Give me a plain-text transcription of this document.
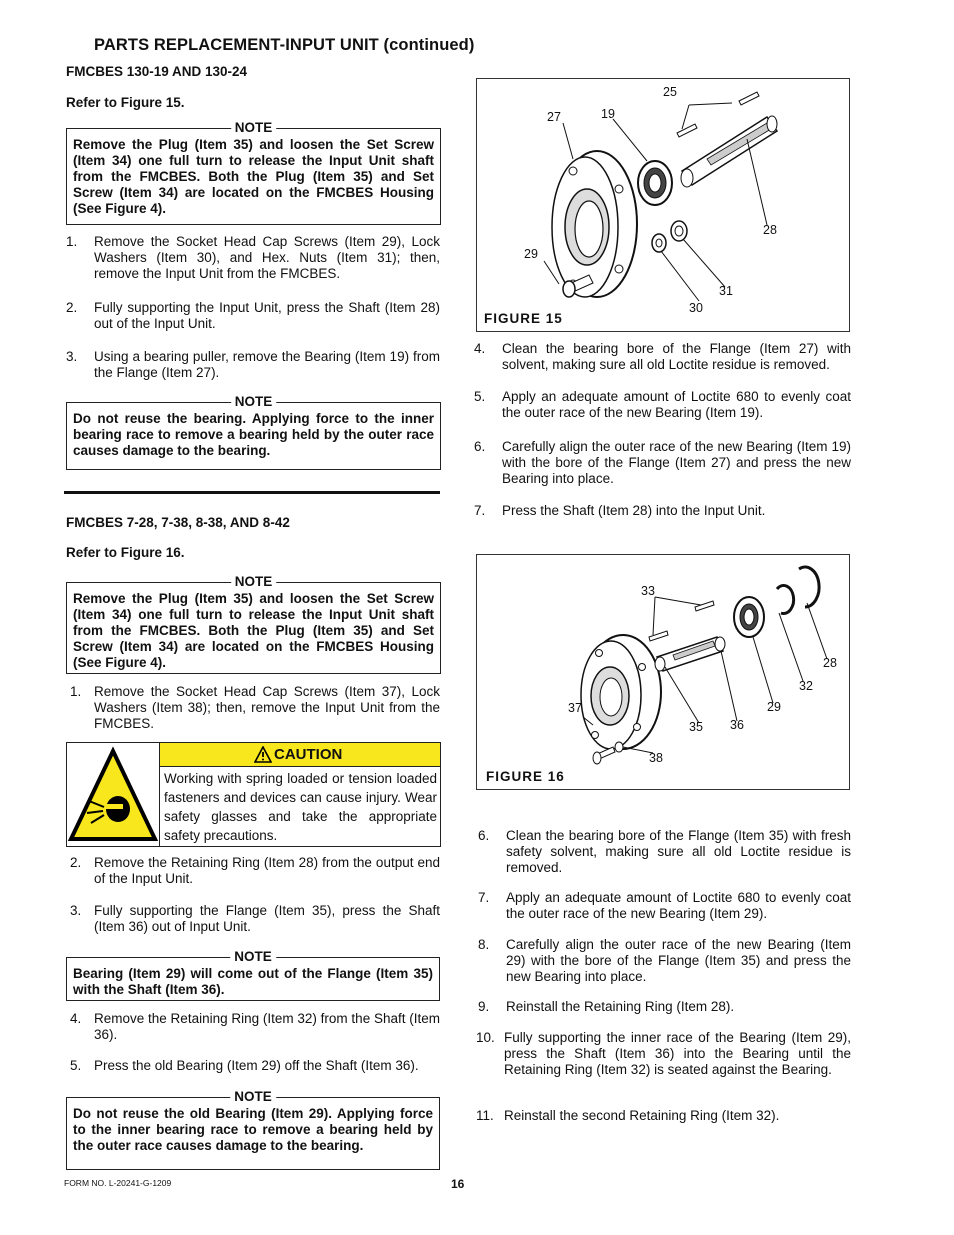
PARTS REPLACEMENT-INPUT UNIT (continued)
FMCBES 130-19 AND 130-24
Refer to Figure 15.
NOTE
Remove the Plug (Item 35) and loosen the Set Screw (Item 34) one full turn to release the Input Unit shaft from the FMCBES. Both the Plug (Item 35) and Set Screw (Item 34) are located on the FMCBES Housing (See Figure 4).
1. Remove the Socket Head Cap Screws (Item 29), Lock Washers (Item 30), and Hex. Nuts (Item 31); then, remove the Input Unit from the FMCBES.
2. Fully supporting the Input Unit, press the Shaft (Item 28) out of the Input Unit.
3. Using a bearing puller, remove the Bearing (Item 19) from the Flange (Item 27).
NOTE
Do not reuse the bearing. Applying force to the inner bearing race to remove a bearing held by the outer race causes damage to the bearing.
FMCBES 7-28, 7-38, 8-38, AND 8-42
Refer to Figure 16.
NOTE
Remove the Plug (Item 35) and loosen the Set Screw (Item 34) one full turn to release the Input Unit shaft from the FMCBES. Both the Plug (Item 35) and Set Screw (Item 34) are located on the FMCBES Housing (See Figure 4).
1. Remove the Socket Head Cap Screws (Item 37), Lock Washers (Item 38); then, remove the Input Unit from the FMCBES.
CAUTION
Working with spring loaded or tension loaded fasteners and devices can cause injury. Wear safety glasses and take the appropriate safety precautions.
2. Remove the Retaining Ring (Item 28) from the output end of the Input Unit.
3. Fully supporting the Flange (Item 35), press the Shaft (Item 36) out of Input Unit.
NOTE
Bearing (Item 29) will come out of the Flange (Item 35) with the Shaft (Item 36).
4. Remove the Retaining Ring (Item 32) from the Shaft (Item 36).
5. Press the old Bearing (Item 29) off the Shaft (Item 36).
NOTE
Do not reuse the old Bearing (Item 29). Applying force to the inner bearing race to remove a bearing held by the outer race causes damage to the bearing.
25
27	19
28
29
31
30
FIGURE 15
4. Clean the bearing bore of the Flange (Item 27) with solvent, making sure all old Loctite residue is removed.
5. Apply an adequate amount of Loctite 680 to evenly coat the outer race of the new Bearing (Item 19).
6. Carefully align the outer race of the new Bearing (Item 19) with the bore of the Flange (Item 27) and press the new Bearing into place.
7. Press the Shaft (Item 28) into the Input Unit.
33
28
32
29
37
35 36
38
FIGURE 16
6. Clean the bearing bore of the Flange (Item 35) with fresh safety solvent, making sure all old Loctite residue is removed.
7. Apply an adequate amount of Loctite 680 to evenly coat the outer race of the new Bearing (Item 29).
8. Carefully align the outer race of the new Bearing (Item 29) with the bore of the Flange (Item 35) and press the new Bearing into place.
9. Reinstall the Retaining Ring (Item 28).
10. Fully supporting the inner race of the Bearing (Item 29), press the Shaft (Item 36) into the Bearing until the Retaining Ring (Item 32) is seated against the Bearing.
11. Reinstall the second Retaining Ring (Item 32).
FORM NO. L-20241-G-1209	16
